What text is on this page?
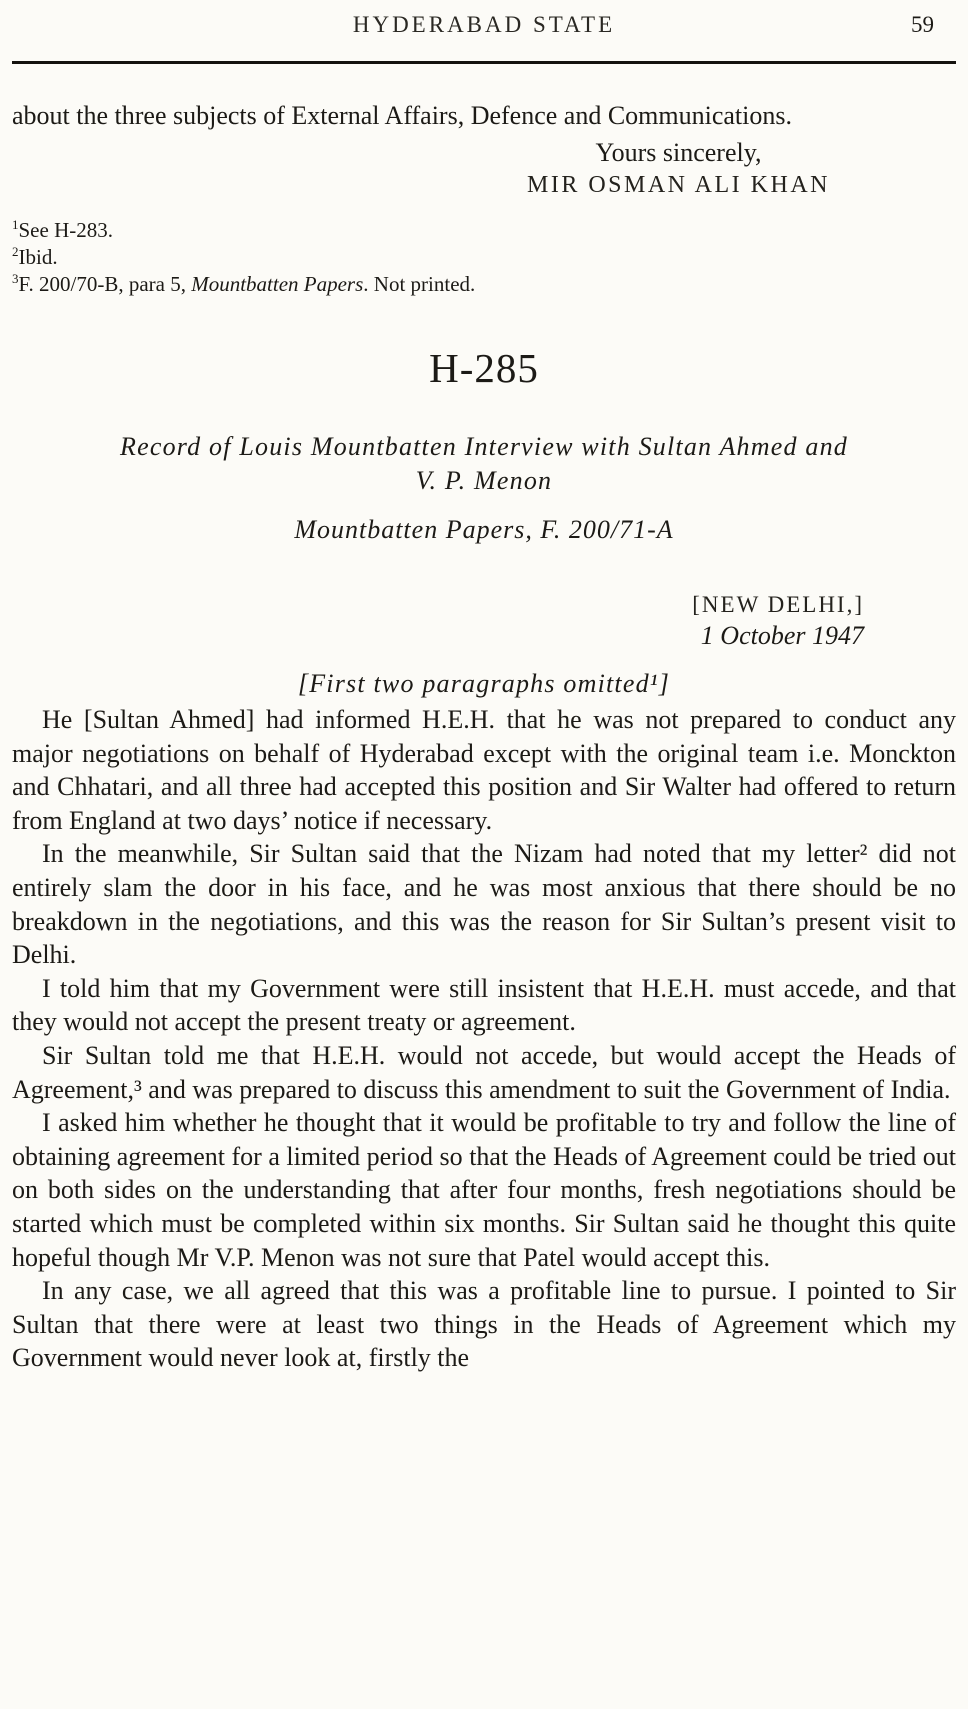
HYDERABAD STATE	59

about the three subjects of External Affairs, Defence and Communications.

Yours sincerely,
MIR OSMAN ALI KHAN

$^1$See H-283.

$^2$Ibid.

$^3$F. 200/70-B, para 5, Mountbatten Papers. Not printed.

H-285
Record of Louis Mountbatten Interview with Sultan Ahmed and
V. P. Menon
Mountbatten Papers, F. 200/71-A
[NEW DELHI,]
1 October 1947
[First two paragraphs omitted¹]

He [Sultan Ahmed] had informed H.E.H. that he was not prepared to conduct any major negotiations on behalf of Hyderabad except with the original team i.e. Monckton and Chhatari, and all three had accepted this position and Sir Walter had offered to return from England at two days’ notice if necessary.

In the meanwhile, Sir Sultan said that the Nizam had noted that my letter² did not entirely slam the door in his face, and he was most anxious that there should be no breakdown in the negotiations, and this was the reason for Sir Sultan’s present visit to Delhi.

I told him that my Government were still insistent that H.E.H. must accede, and that they would not accept the present treaty or agreement.

Sir Sultan told me that H.E.H. would not accede, but would accept the Heads of Agreement,³ and was prepared to discuss this amendment to suit the Government of India.

I asked him whether he thought that it would be profitable to try and follow the line of obtaining agreement for a limited period so that the Heads of Agreement could be tried out on both sides on the understanding that after four months, fresh negotiations should be started which must be completed within six months. Sir Sultan said he thought this quite hopeful though Mr V.P. Menon was not sure that Patel would accept this.

In any case, we all agreed that this was a profitable line to pursue. I pointed to Sir Sultan that there were at least two things in the Heads of Agreement which my Government would never look at, firstly the
